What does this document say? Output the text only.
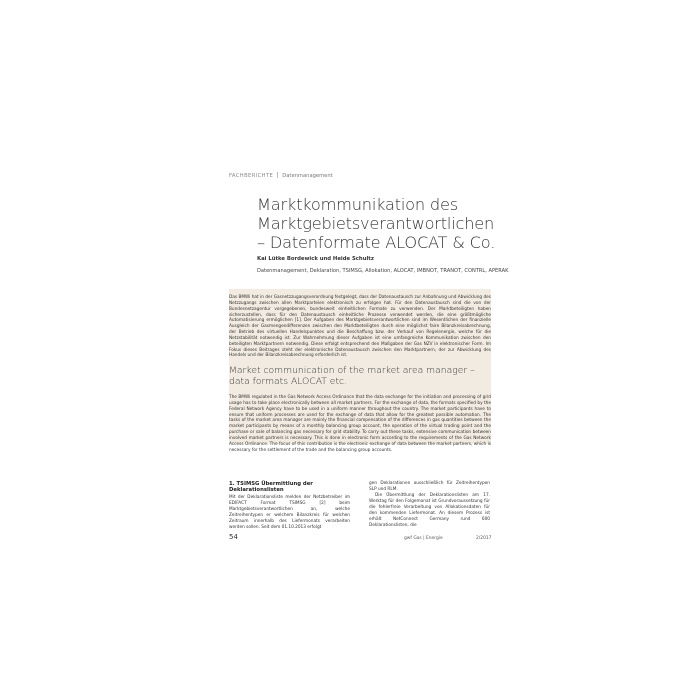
FACHBERICHTE Datenmanagement
Marktkommunikation des Marktgebietsverantwortlichen – Datenformate ALOCAT & Co.
Kai Lütke Bordewick und Heide Schultz
Datenmanagement, Deklaration, TSIMSG, Allokation, ALOCAT, IMBNOT, TRANOT, CONTRL, APERAK

Das BMWi hat in der Gasnetzzugangsverordnung festgelegt, dass der Datenaustausch zur Anbahnung und Abwicklung des Netzzugangs zwischen allen Marktparteien elektronisch zu erfolgen hat. Für den Datenaustausch sind die von der Bundesnetzagentur vorgegebenen, bundesweit einheitlichen Formate zu verwenden. Der Marktbeteiligten haben sicherzustellen, dass für den Datenaustausch einheitliche Prozesse verwendet werden, die eine größtmögliche Automatisierung ermöglichen [1]. Der Aufgaben des Marktgebietsverantwortlichen sind im Wesentlichen der finanzielle Ausgleich der Gasmengendifferenzen zwischen den Marktbeteiligten durch eine möglichst faire Bilanzkreisabrechnung, der Betrieb des virtuellen Handelspunktes und die Beschaffung bzw. der Verkauf von Regelenergie, welche für die Netzstabilität notwendig ist. Zur Wahrnehmung dieser Aufgaben ist eine umfangreiche Kommunikation zwischen den beteiligten Marktpartnern notwendig. Diese erfolgt entsprechend den Maßgaben der Gas NZV in elektronischer Form. Im Fokus dieses Beitrages steht der elektronische Datenaustausch zwischen den Marktpartnern, der zur Abwicklung des Handels und der Bilanzkreisabrechnung erforderlich ist.

Market communication of the market area manager – data formats ALOCAT etc.

The BMWi regulated in the Gas Network Access Ordinance that the data exchange for the initiation and processing of grid usage has to take place electronically between all market partners. For the exchange of data, the formats specified by the Federal Network Agency have to be used in a uniform manner throughout the country. The market participants have to ensure that uniform processes are used for the exchange of data that allow for the greatest possible automation. The tasks of the market area manager are mainly the financial compensation of the differences in gas quantities between the market participants by means of a monthly balancing group account, the operation of the virtual trading point and the purchase or sale of balancing gas necessary for grid stability. To carry out these tasks, extensive communication between involved market partners is necessary. This is done in electronic form according to the requirements of the Gas Network Access Ordinance. The focus of this contribution is the electronic exchange of data between the market partners, which is necessary for the settlement of the trade and the balancing group accounts.

1. TSIMSG Übermittlung der Deklarationslisten

Mit der Deklarationsliste melden der Netzbetreiber im EDIFACT Format TSIMSG [2] beim Marktgebietsverantwortlichen an, welche Zeitreihentypen er welchem Bilanzkreis für welchen Zeitraum innerhalb des Liefermonats verarbeiten werden sollen. Seit dem 01.10.2013 erfolgt

gen Deklarationen ausschließlich für Zeitreihentypen SLP und RLM.

Die Übermittlung der Deklarationslisten am 17. Werktag für den Folgemonat ist Grundvoraussetzung für die fehlerfreie Verarbeitung von Allokationsdaten für den kommenden Liefermonat. An diesem Prozess ist erhält NetConnect Germany rund 600 Deklarationslisten, die

54	gwf Gas | Energie	2/2017
